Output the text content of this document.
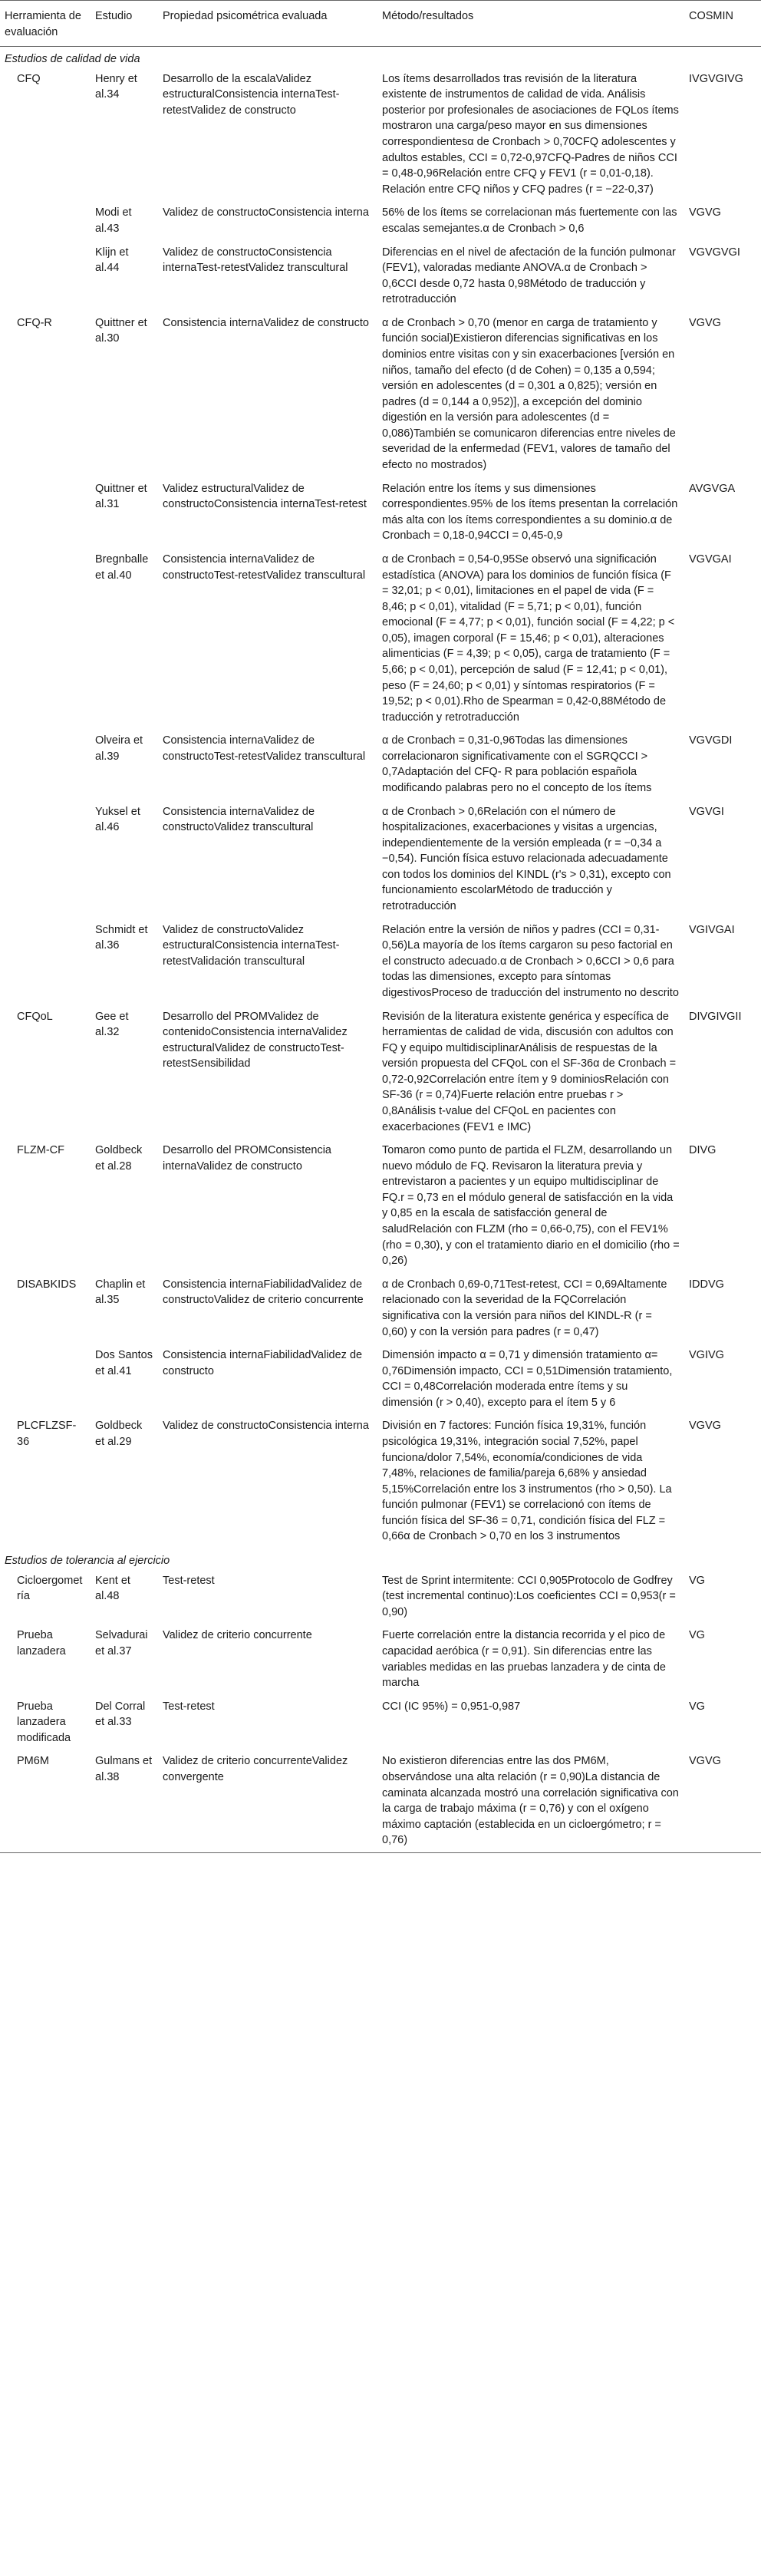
Herramienta de evaluación	Estudio	Propiedad psicométrica evaluada	Método/resultados	COSMIN
Estudios de calidad de vida				
CFQ	Henry et al.34	Desarrollo de la escalaValidez estructuralConsistencia internaTest-retestValidez de constructo	Los ítems desarrollados tras revisión de la literatura existente de instrumentos de calidad de vida. Análisis posterior por profesionales de asociaciones de FQLos ítems mostraron una carga/peso mayor en sus dimensiones correspondientesα de Cronbach > 0,70CFQ adolescentes y adultos estables, CCI = 0,72-0,97CFQ-Padres de niños CCI = 0,48-0,96Relación entre CFQ y FEV1 (r = 0,01-0,18). Relación entre CFQ niños y CFQ padres (r = −22-0,37)	IVGVGIVG
	Modi et al.43	Validez de constructoConsistencia interna	56% de los ítems se correlacionan más fuertemente con las escalas semejantes.α de Cronbach > 0,6	VGVG
	Klijn et al.44	Validez de constructoConsistencia internaTest-retestValidez transcultural	Diferencias en el nivel de afectación de la función pulmonar (FEV1), valoradas mediante ANOVA.α de Cronbach > 0,6CCI desde 0,72 hasta 0,98Método de traducción y retrotraducción	VGVGVGI
CFQ-R	Quittner et al.30	Consistencia internaValidez de constructo	α de Cronbach > 0,70 (menor en carga de tratamiento y función social)Existieron diferencias significativas en los dominios entre visitas con y sin exacerbaciones [versión en niños, tamaño del efecto (d de Cohen) = 0,135 a 0,594; versión en adolescentes (d = 0,301 a 0,825); versión en padres (d = 0,144 a 0,952)], a excepción del dominio digestión en la versión para adolescentes (d = 0,086)También se comunicaron diferencias entre niveles de severidad de la enfermedad (FEV1, valores de tamaño del efecto no mostrados)	VGVG
	Quittner et al.31	Validez estructuralValidez de constructoConsistencia internaTest-retest	Relación entre los ítems y sus dimensiones correspondientes.95% de los ítems presentan la correlación más alta con los ítems correspondientes a su dominio.α de Cronbach = 0,18-0,94CCI = 0,45-0,9	AVGVGA
	Bregnballe et al.40	Consistencia internaValidez de constructoTest-retestValidez transcultural	α de Cronbach = 0,54-0,95Se observó una significación estadística (ANOVA) para los dominios de función física (F = 32,01; p < 0,01), limitaciones en el papel de vida (F = 8,46; p < 0,01), vitalidad (F = 5,71; p < 0,01), función emocional (F = 4,77; p < 0,01), función social (F = 4,22; p < 0,05), imagen corporal (F = 15,46; p < 0,01), alteraciones alimenticias (F = 4,39; p < 0,05), carga de tratamiento (F = 5,66; p < 0,01), percepción de salud (F = 12,41; p < 0,01), peso (F = 24,60; p < 0,01) y síntomas respiratorios (F = 19,52; p < 0,01).Rho de Spearman = 0,42-0,88Método de traducción y retrotraducción	VGVGAI
	Olveira et al.39	Consistencia internaValidez de constructoTest-retestValidez transcultural	α de Cronbach = 0,31-0,96Todas las dimensiones correlacionaron significativamente con el SGRQCCI > 0,7Adaptación del CFQ- R para población española modificando palabras pero no el concepto de los ítems	VGVGDI
	Yuksel et al.46	Consistencia internaValidez de constructoValidez transcultural	α de Cronbach > 0,6Relación con el número de hospitalizaciones, exacerbaciones y visitas a urgencias, independientemente de la versión empleada (r = −0,34 a −0,54). Función física estuvo relacionada adecuadamente con todos los dominios del KINDL (r's > 0,31), excepto con funcionamiento escolarMétodo de traducción y retrotraducción	VGVGI
	Schmidt et al.36	Validez de constructoValidez estructuralConsistencia internaTest-retestValidación transcultural	Relación entre la versión de niños y padres (CCI = 0,31-0,56)La mayoría de los ítems cargaron su peso factorial en el constructo adecuado.α de Cronbach > 0,6CCI > 0,6 para todas las dimensiones, excepto para síntomas digestivosProceso de traducción del instrumento no descrito	VGIVGAI
CFQoL	Gee et al.32	Desarrollo del PROMValidez de contenidoConsistencia internaValidez estructuralValidez de constructoTest-retestSensibilidad	Revisión de la literatura existente genérica y específica de herramientas de calidad de vida, discusión con adultos con FQ y equipo multidisciplinarAnálisis de respuestas de la versión propuesta del CFQoL con el SF-36α de Cronbach = 0,72-0,92Correlación entre ítem y 9 dominiosRelación con SF-36 (r = 0,74)Fuerte relación entre pruebas r > 0,8Análisis t-value del CFQoL en pacientes con exacerbaciones (FEV1 e IMC)	DIVGIVGII
FLZM-CF	Goldbeck et al.28	Desarrollo del PROMConsistencia internaValidez de constructo	Tomaron como punto de partida el FLZM, desarrollando un nuevo módulo de FQ. Revisaron la literatura previa y entrevistaron a pacientes y un equipo multidisciplinar de FQ.r = 0,73 en el módulo general de satisfacción en la vida y 0,85 en la escala de satisfacción general de saludRelación con FLZM (rho = 0,66-0,75), con el FEV1% (rho = 0,30), y con el tratamiento diario en el domicilio (rho = 0,26)	DIVG
DISABKIDS	Chaplin et al.35	Consistencia internaFiabilidadValidez de constructoValidez de criterio concurrente	α de Cronbach 0,69-0,71Test-retest, CCI = 0,69Altamente relacionado con la severidad de la FQCorrelación significativa con la versión para niños del KINDL-R (r = 0,60) y con la versión para padres (r = 0,47)	IDDVG
	Dos Santos et al.41	Consistencia internaFiabilidadValidez de constructo	Dimensión impacto α = 0,71 y dimensión tratamiento α= 0,76Dimensión impacto, CCI = 0,51Dimensión tratamiento, CCI = 0,48Correlación moderada entre ítems y su dimensión (r > 0,40), excepto para el ítem 5 y 6	VGIVG
PLCFLZSF-36	Goldbeck et al.29	Validez de constructoConsistencia interna	División en 7 factores: Función física 19,31%, función psicológica 19,31%, integración social 7,52%, papel funciona/dolor 7,54%, economía/condiciones de vida 7,48%, relaciones de familia/pareja 6,68% y ansiedad 5,15%Correlación entre los 3 instrumentos (rho > 0,50). La función pulmonar (FEV1) se correlacionó con ítems de función física del SF-36 = 0,71, condición física del FLZ = 0,66α de Cronbach > 0,70 en los 3 instrumentos	VGVG
Estudios de tolerancia al ejercicio				
Cicloergometría	Kent et al.48	Test-retest	Test de Sprint intermitente: CCI 0,905Protocolo de Godfrey (test incremental continuo):Los coeficientes CCI = 0,953(r = 0,90)	VG
Prueba lanzadera	Selvadurai et al.37	Validez de criterio concurrente	Fuerte correlación entre la distancia recorrida y el pico de capacidad aeróbica (r = 0,91). Sin diferencias entre las variables medidas en las pruebas lanzadera y de cinta de marcha	VG
Prueba lanzadera modificada	Del Corral et al.33	Test-retest	CCI (IC 95%) = 0,951-0,987	VG
PM6M	Gulmans et al.38	Validez de criterio concurrenteValidez convergente	No existieron diferencias entre las dos PM6M, observándose una alta relación (r = 0,90)La distancia de caminata alcanzada mostró una correlación significativa con la carga de trabajo máxima (r = 0,76) y con el oxígeno máximo captación (establecida en un cicloergómetro; r = 0,76)	VGVG
